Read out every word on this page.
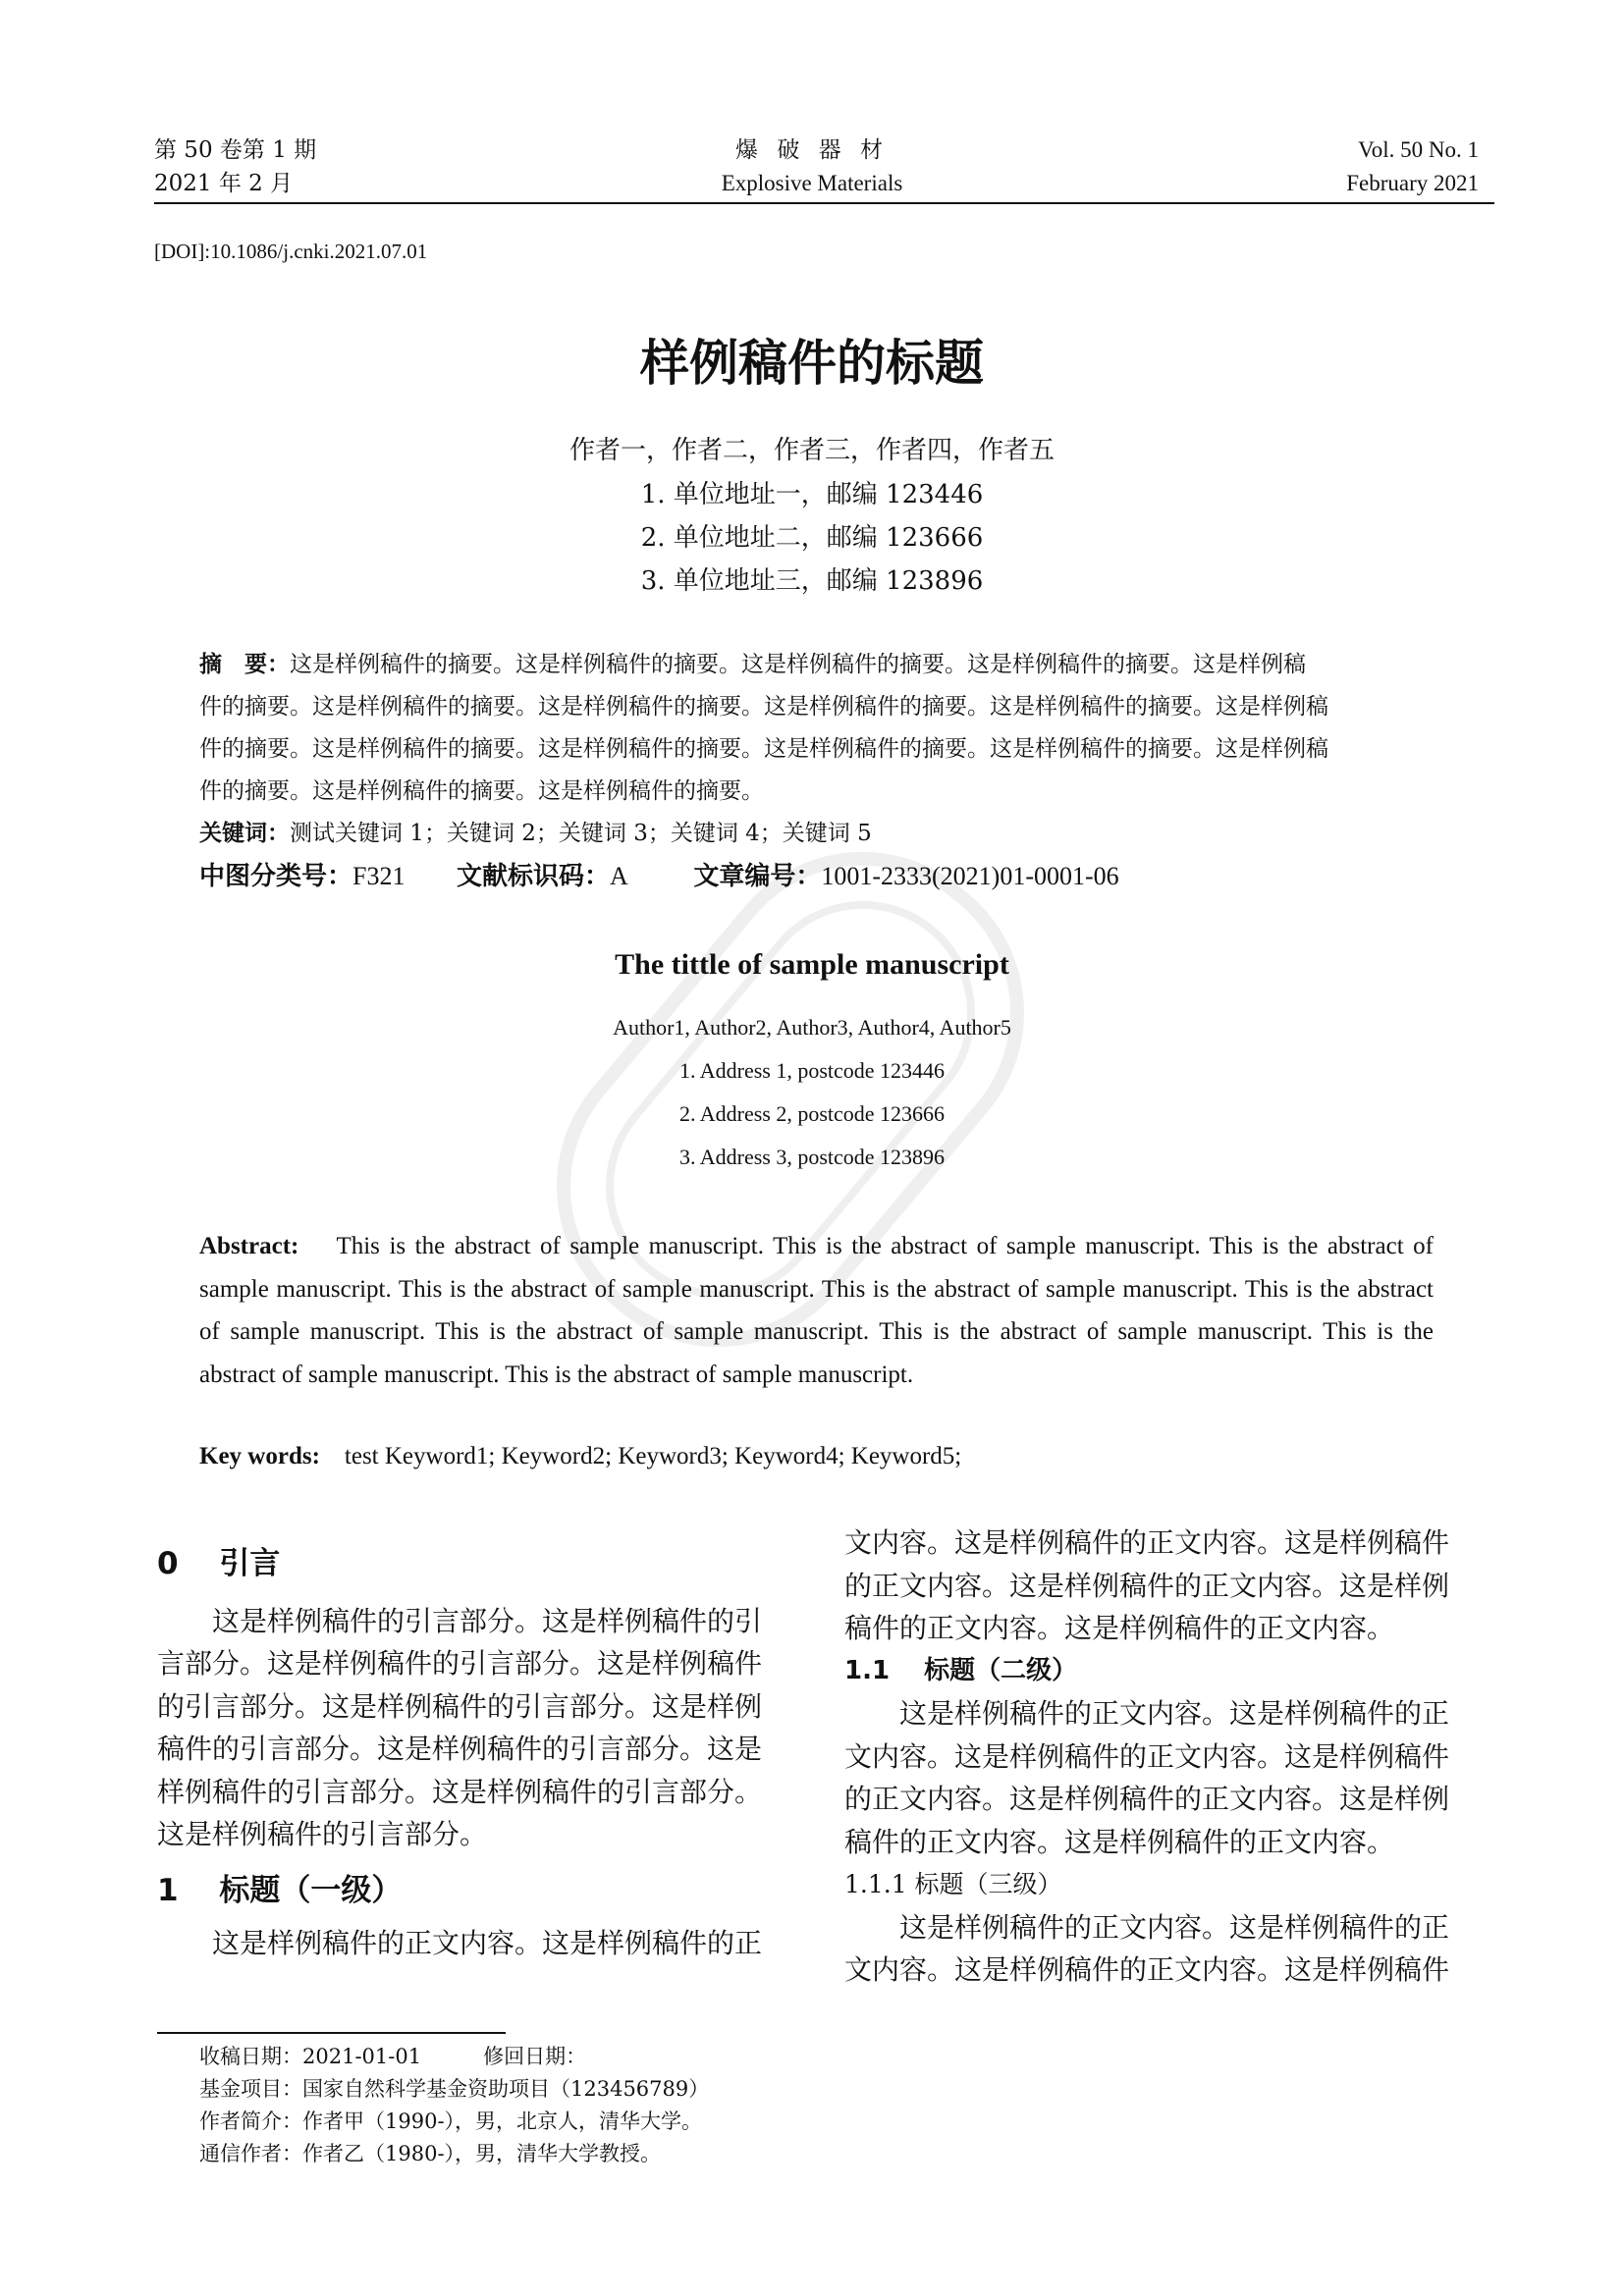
第 50 卷第 1 期
2021 年 2 月
爆 破 器 材
Explosive Materials
Vol. 50 No. 1
February 2021
[DOI]:10.1086/j.cnki.2021.07.01
样例稿件的标题
作者一，作者二，作者三，作者四，作者五
1. 单位地址一，邮编 123446
2. 单位地址二，邮编 123666
3. 单位地址三，邮编 123896

摘　要：这是样例稿件的摘要。这是样例稿件的摘要。这是样例稿件的摘要。这是样例稿件的摘要。这是样例稿

件的摘要。这是样例稿件的摘要。这是样例稿件的摘要。这是样例稿件的摘要。这是样例稿件的摘要。这是样例稿

件的摘要。这是样例稿件的摘要。这是样例稿件的摘要。这是样例稿件的摘要。这是样例稿件的摘要。这是样例稿

件的摘要。这是样例稿件的摘要。这是样例稿件的摘要。

关键词：测试关键词 1；关键词 2；关键词 3；关键词 4；关键词 5

中图分类号：F321 文献标识码：A	文章编号：1001-2333(2021)01-0001-06

The tittle of sample manuscript
Author1, Author2, Author3, Author4, Author5
1. Address 1, postcode 123446
2. Address 2, postcode 123666
3. Address 3, postcode 123896
Abstract: This is the abstract of sample manuscript. This is the abstract of sample manuscript. This is the abstract of sample manuscript. This is the abstract of sample manuscript. This is the abstract of sample manuscript. This is the abstract of sample manuscript. This is the abstract of sample manuscript. This is the abstract of sample manuscript. This is the abstract of sample manuscript. This is the abstract of sample manuscript.
Key words: test Keyword1; Keyword2; Keyword3; Keyword4; Keyword5;

0　 引言

这是样例稿件的引言部分。这是样例稿件的引

言部分。这是样例稿件的引言部分。这是样例稿件

的引言部分。这是样例稿件的引言部分。这是样例

稿件的引言部分。这是样例稿件的引言部分。这是

样例稿件的引言部分。这是样例稿件的引言部分。

这是样例稿件的引言部分。

1　 标题（一级）

这是样例稿件的正文内容。这是样例稿件的正

文内容。这是样例稿件的正文内容。这是样例稿件

的正文内容。这是样例稿件的正文内容。这是样例

稿件的正文内容。这是样例稿件的正文内容。

1.1　 标题（二级）

这是样例稿件的正文内容。这是样例稿件的正

文内容。这是样例稿件的正文内容。这是样例稿件

的正文内容。这是样例稿件的正文内容。这是样例

稿件的正文内容。这是样例稿件的正文内容。

1.1.1 标题（三级）

这是样例稿件的正文内容。这是样例稿件的正

文内容。这是样例稿件的正文内容。这是样例稿件

收稿日期：2021-01-01　　　修回日期：
基金项目：国家自然科学基金资助项目（123456789）
作者简介：作者甲（1990-），男，北京人，清华大学。
通信作者：作者乙（1980-），男，清华大学教授。
